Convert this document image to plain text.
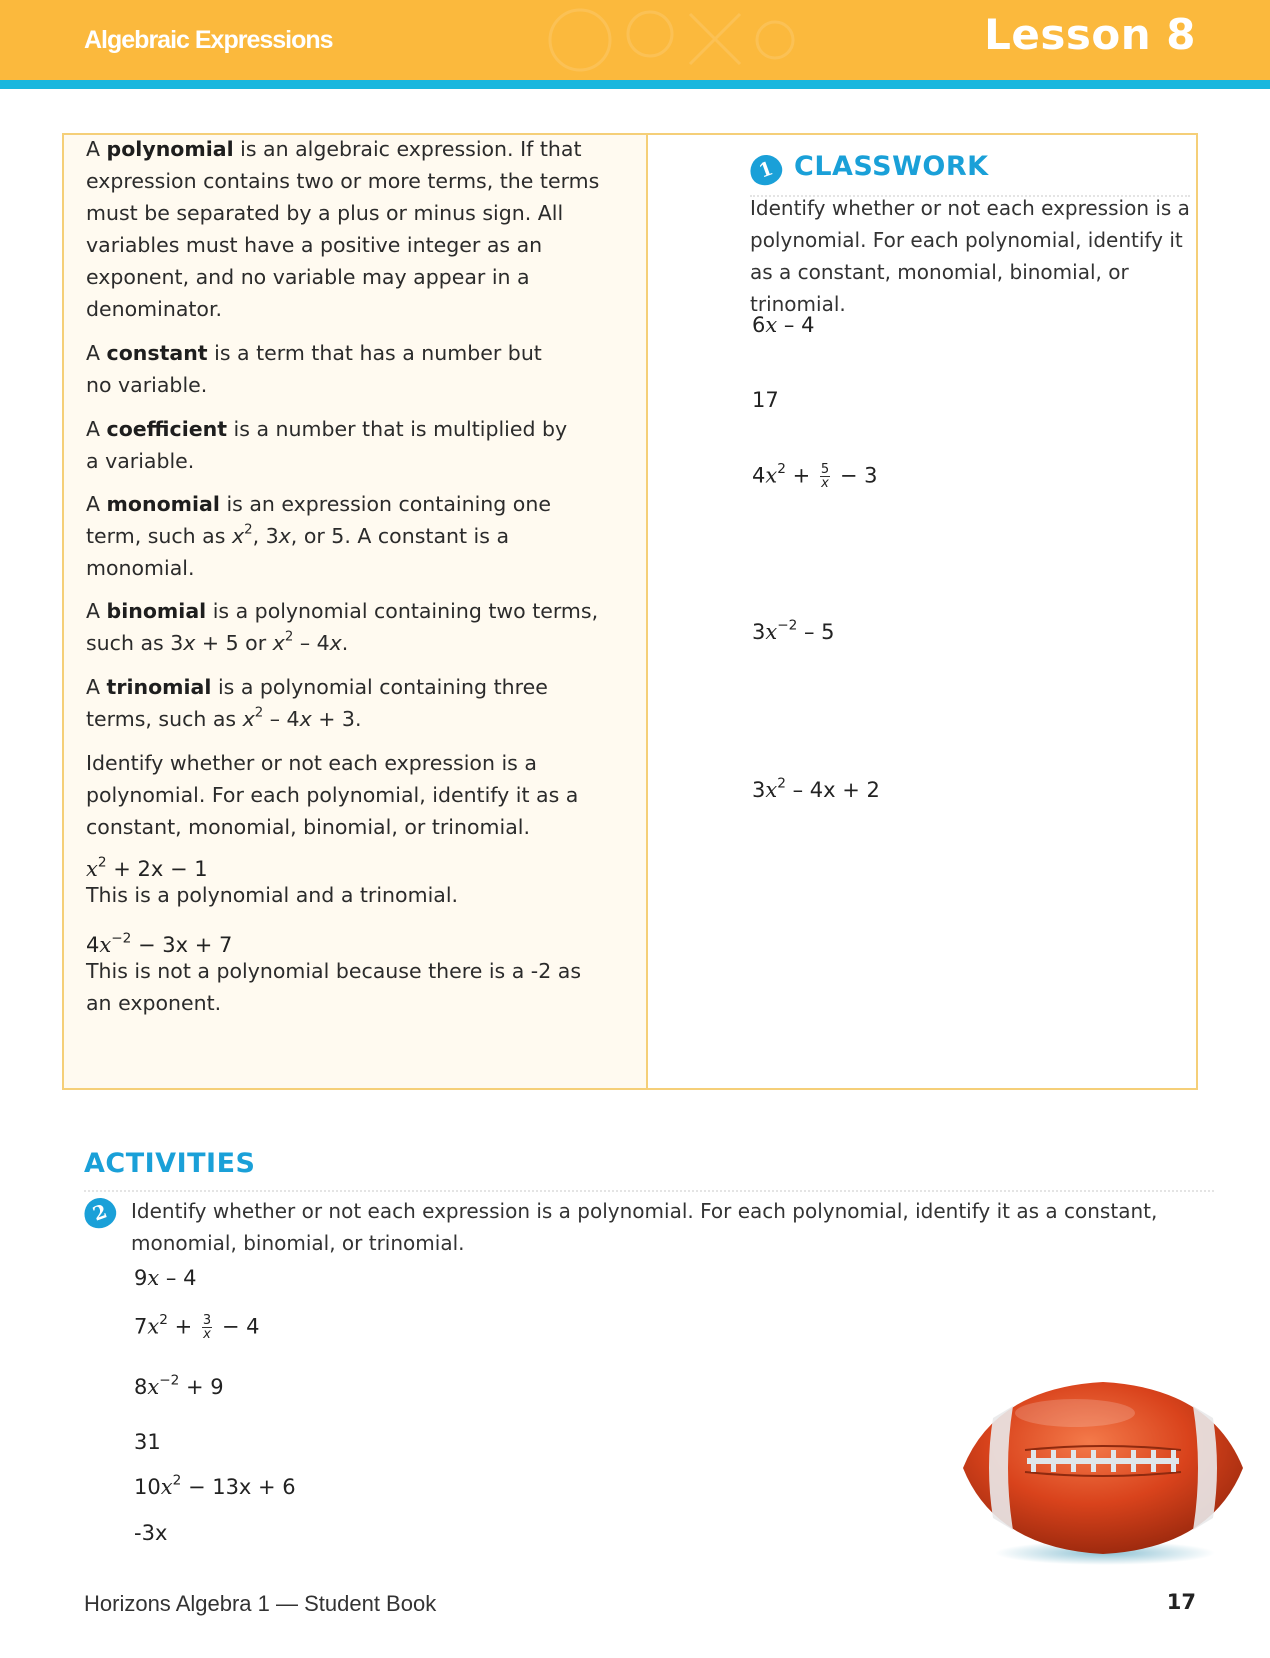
Algebraic Expressions	Lesson 8

A polynomial is an algebraic expression. If that expression contains two or more terms, the terms must be separated by a plus or minus sign. All variables must have a positive integer as an exponent, and no variable may appear in a denominator.

A constant is a term that has a number but no variable.

A coefficient is a number that is multiplied by a variable.

A monomial is an expression containing one term, such as $x^2$, 3x, or 5. A constant is a monomial.

A binomial is a polynomial containing two terms, such as 3x + 5 or $x^2 - 4x$.

A trinomial is a polynomial containing three terms, such as $x^2 - 4x + 3$.

Identify whether or not each expression is a polynomial. For each polynomial, identify it as a constant, monomial, binomial, or trinomial.

$x^2 + 2x - 1$

This is a polynomial and a trinomial.

$4x^{-2} - 3x + 7$

This is not a polynomial because there is a -2 as an exponent.

1 CLASSWORK

Identify whether or not each expression is a polynomial. For each polynomial, identify it as a constant, monomial, binomial, or trinomial.

6x – 4
17
$4x^2 + \frac{5}{x} - 3$
$3x^{-2} - 5$
$3x^2 - 4x + 2$
ACTIVITIES
2	Identify whether or not each expression is a polynomial. For each polynomial, identify it as a constant, monomial, binomial, or trinomial.

9x – 4
$7x^2 + \frac{3}{x} - 4$
$8x^{-2} + 9$
31
$10x^2 - 13x + 6$
-3x
Horizons Algebra 1 — Student Book	17
